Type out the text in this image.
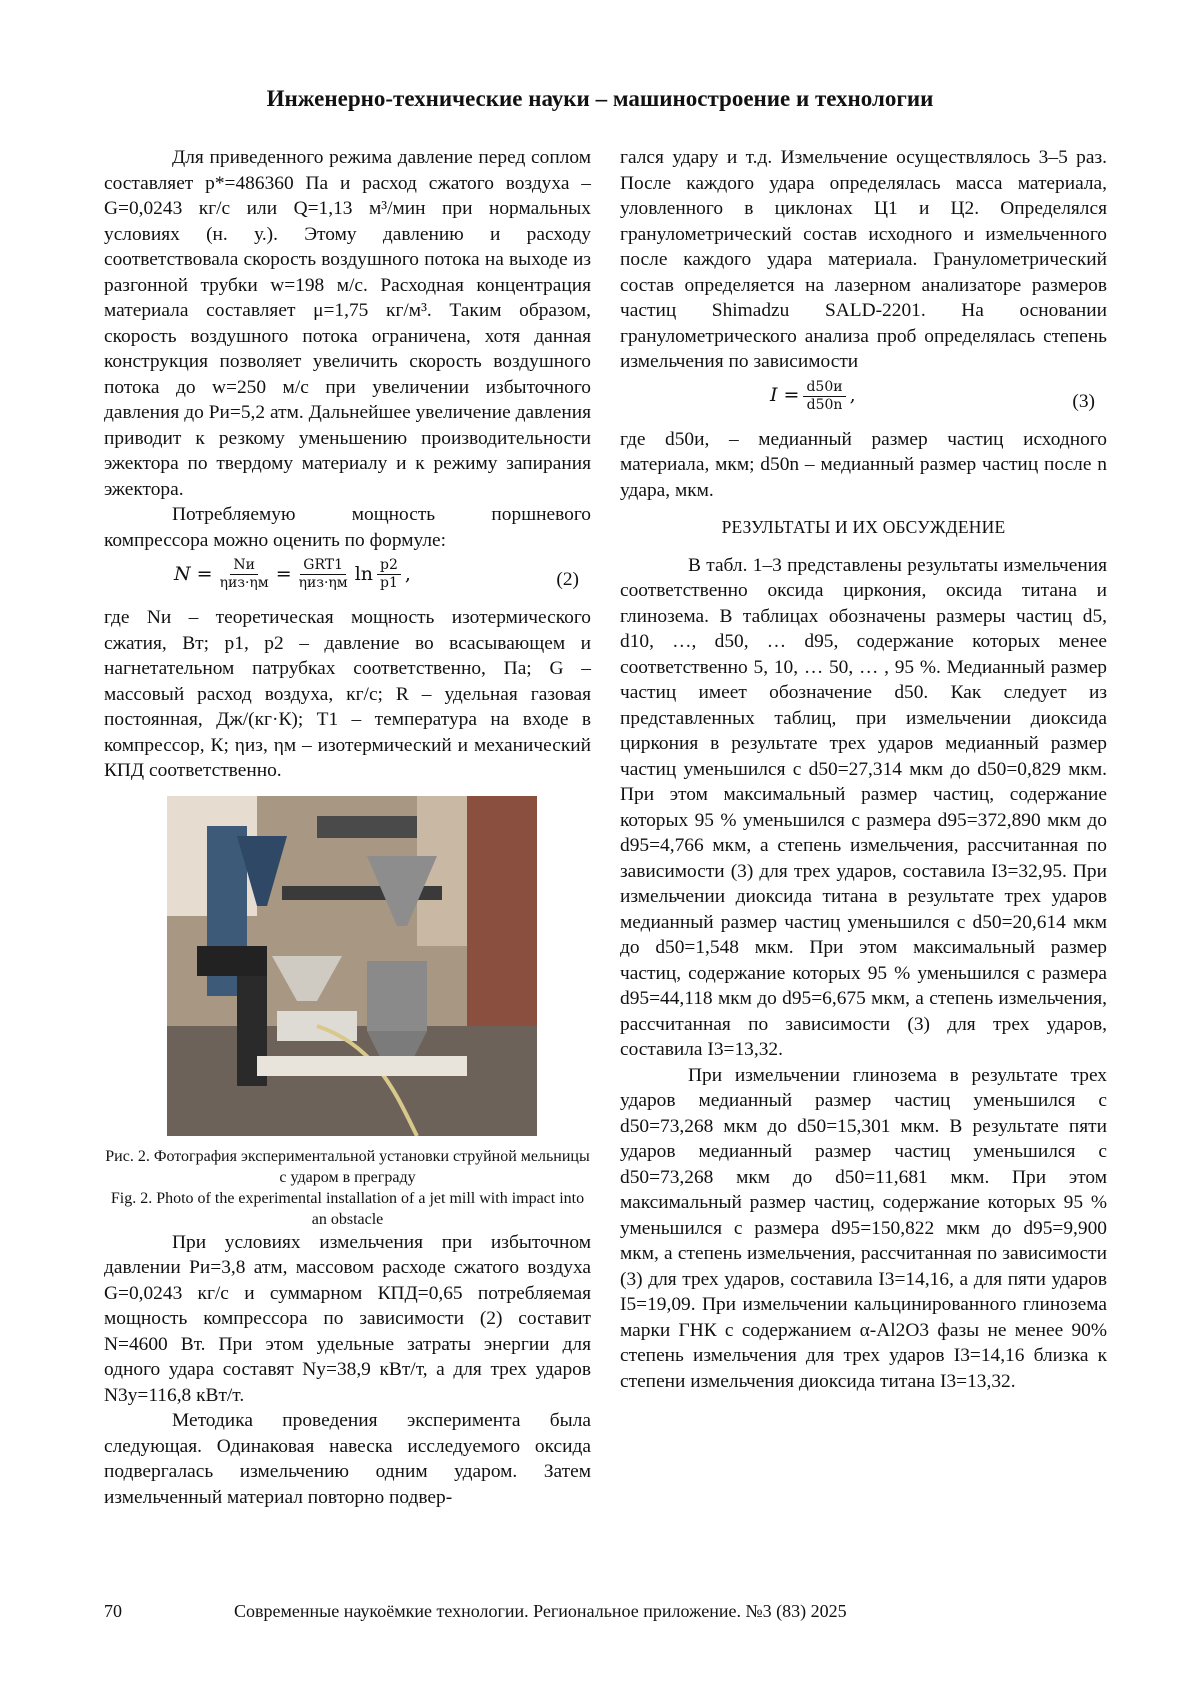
Инженерно-технические науки – машиностроение и технологии

Для приведенного режима давление перед соплом составляет p*=486360 Па и расход сжатого воздуха – G=0,0243 кг/с или Q=1,13 м³/мин при нормальных условиях (н. у.). Этому давлению и расходу соответствовала скорость воздушного потока на выходе из разгонной трубки w=198 м/с. Расходная концентрация материала составляет μ=1,75 кг/м³. Таким образом, скорость воздушного потока ограничена, хотя данная конструкция позволяет увеличить скорость воздушного потока до w=250 м/с при увеличении избыточного давления до Pи=5,2 атм. Дальнейшее увеличение давления приводит к резкому уменьшению производительности эжектора по твердому материалу и к режиму запирания эжектора.

Потребляемую мощность поршневого компрессора можно оценить по формуле:

$N = \frac{Nи}{\text{ηиз·ηм}} = \frac{\text{GRT1}}{\text{ηиз·ηм}}$ $\ln \frac{p2}{p1}$ ,	(2)

где Nи – теоретическая мощность изотермического сжатия, Вт; p1, p2 – давление во всасывающем и нагнетательном патрубках соответственно, Па; G – массовый расход воздуха, кг/с; R – удельная газовая постоянная, Дж/(кг·К); T1 – температура на входе в компрессор, К; ηиз, ηм – изотермический и механический КПД соответственно.

Рис. 2. Фотография экспериментальной установки струйной мельницы с ударом в преграду
Fig. 2. Photo of the experimental installation of a jet mill with impact into an obstacle

При условиях измельчения при избыточном давлении Pи=3,8 атм, массовом расходе сжатого воздуха G=0,0243 кг/с и суммарном КПД=0,65 потребляемая мощность компрессора по зависимости (2) составит N=4600 Вт. При этом удельные затраты энергии для одного удара составят Nу=38,9 кВт/т, а для трех ударов N3у=116,8 кВт/т.

Методика проведения эксперимента была следующая. Одинаковая навеска исследуемого оксида подвергалась измельчению одним ударом. Затем измельченный материал повторно подвер-

гался удару и т.д. Измельчение осуществлялось 3–5 раз. После каждого удара определялась масса материала, уловленного в циклонах Ц1 и Ц2. Определялся гранулометрический состав исходного и измельченного после каждого удара материала. Гранулометрический состав определяется на лазерном анализаторе размеров частиц Shimadzu SALD-2201. На основании гранулометрического анализа проб определялась степень измельчения по зависимости

$I = \frac{d50и}{d50n}$ ,	(3)

где d50и, – медианный размер частиц исходного материала, мкм; d50n – медианный размер частиц после n удара, мкм.

РЕЗУЛЬТАТЫ И ИХ ОБСУЖДЕНИЕ

В табл. 1–3 представлены результаты измельчения соответственно оксида циркония, оксида титана и глинозема. В таблицах обозначены размеры частиц d5, d10, …, d50, … d95, содержание которых менее соответственно 5, 10, … 50, … , 95 %. Медианный размер частиц имеет обозначение d50. Как следует из представленных таблиц, при измельчении диоксида циркония в результате трех ударов медианный размер частиц уменьшился с d50=27,314 мкм до d50=0,829 мкм. При этом максимальный размер частиц, содержание которых 95 % уменьшился с размера d95=372,890 мкм до d95=4,766 мкм, а степень измельчения, рассчитанная по зависимости (3) для трех ударов, составила I3=32,95. При измельчении диоксида титана в результате трех ударов медианный размер частиц уменьшился с d50=20,614 мкм до d50=1,548 мкм. При этом максимальный размер частиц, содержание которых 95 % уменьшился с размера d95=44,118 мкм до d95=6,675 мкм, а степень измельчения, рассчитанная по зависимости (3) для трех ударов, составила I3=13,32.

При измельчении глинозема в результате трех ударов медианный размер частиц уменьшился с d50=73,268 мкм до d50=15,301 мкм. В результате пяти ударов медианный размер частиц уменьшился с d50=73,268 мкм до d50=11,681 мкм. При этом максимальный размер частиц, содержание которых 95 % уменьшился с размера d95=150,822 мкм до d95=9,900 мкм, а степень измельчения, рассчитанная по зависимости (3) для трех ударов, составила I3=14,16, а для пяти ударов I5=19,09. При измельчении кальцинированного глинозема марки ГНК с содержанием α-Al2O3 фазы не менее 90% степень измельчения для трех ударов I3=14,16 близка к степени измельчения диоксида титана I3=13,32.

70	Современные наукоёмкие технологии. Региональное приложение. №3 (83) 2025
